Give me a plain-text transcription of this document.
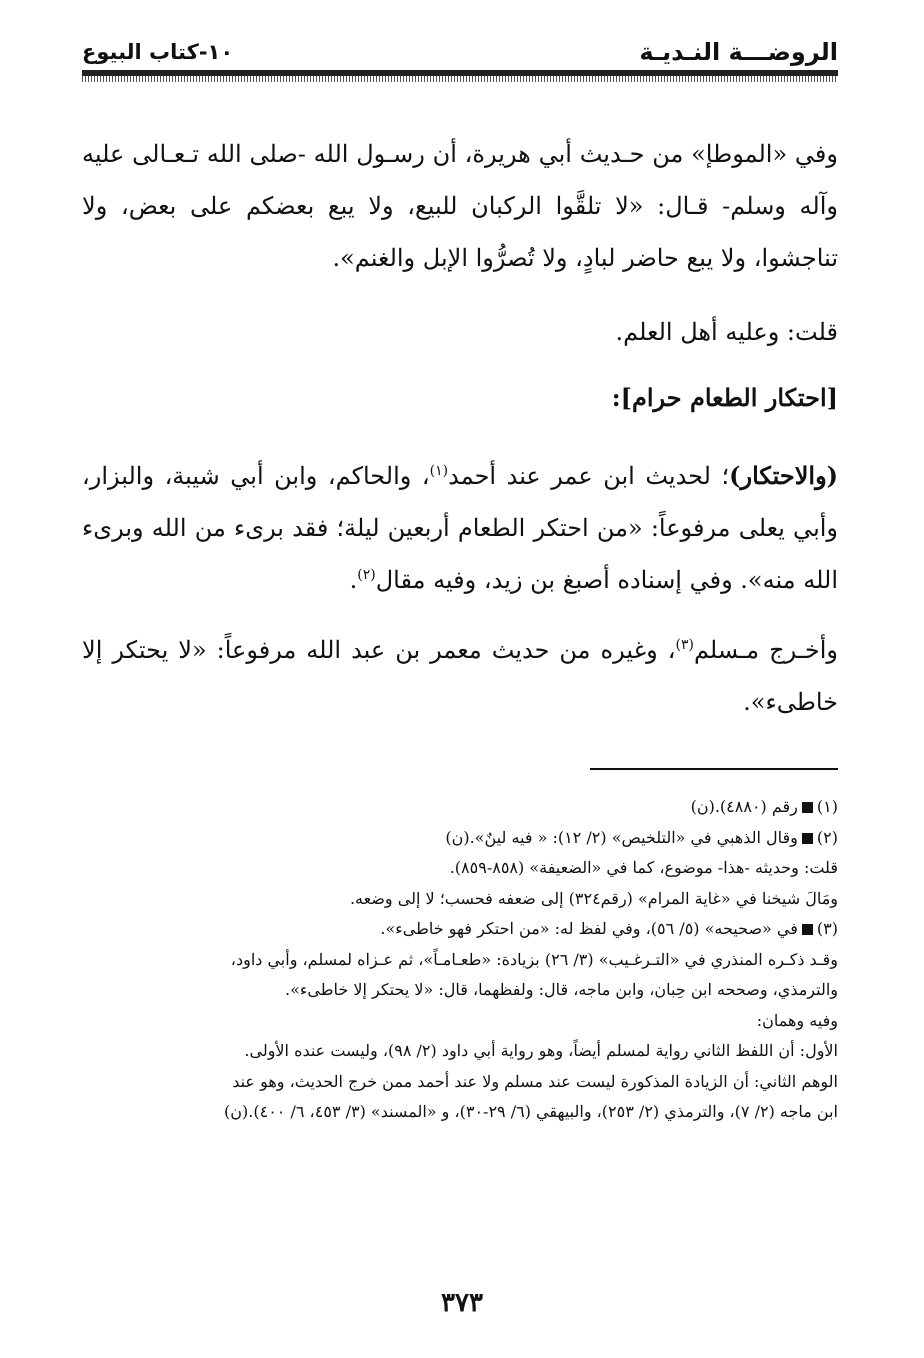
الروضـــة النـديـة
١٠-كتاب البيوع

وفي «الموطإ» من حـديث أبي هريرة، أن رسـول الله -صلى الله تـعـالى عليه وآله وسلم- قـال: «لا تلقَّوا الركبان للبيع، ولا يبع بعضكم على بعض، ولا تناجشوا، ولا يبع حاضر لبادٍ، ولا تُصرُّوا الإبل والغنم».

قلت: وعليه أهل العلم.

[احتكار الطعام حرام]:

(والاحتكار)؛ لحديث ابن عمر عند أحمد$^{(١)}$، والحاكم، وابن أبي شيبة، والبزار، وأبي يعلى مرفوعاً: «من احتكر الطعام أربعين ليلة؛ فقد برىء من الله وبرىء الله منه». وفي إسناده أصبغ بن زيد، وفيه مقال$^{(٢)}$.

وأخـرج مـسلم$^{(٣)}$، وغيره من حديث معمر بن عبد الله مرفوعاً: «لا يحتكر إلا خاطىء».

(١)رقم (٤٨٨٠).(ن)

(٢)وقال الذهبي في «التلخيص» (٢/ ١٢): « فيه لينٌ».(ن)

قلت: وحديثه -هذا- موضوع، كما في «الضعيفة» (٨٥٨-٨٥٩).

ومَالَ شيخنا في «غاية المرام» (رقم٣٢٤) إلى ضعفه فحسب؛ لا إلى وضعه.

(٣)في «صحيحه» (٥/ ٥٦)، وفي لفظ له: «من احتكر فهو خاطىء».

وقـد ذكـره المنذري في «التـرغـيب» (٣/ ٢٦) بزيادة: «طعـامـاً»، ثم عـزاه لمسلم، وأبي داود،

والترمذي، وصححه ابن حِبان، وابن ماجه، قال: ولفظهما، قال: «لا يحتكر إلا خاطىء».

وفيه وهمان:

الأول: أن اللفظ الثاني رواية لمسلم أيضاً، وهو رواية أبي داود (٢/ ٩٨)، وليست عنده الأولى.

الوهم الثاني: أن الزيادة المذكورة ليست عند مسلم ولا عند أحمد ممن خرج الحديث، وهو عند

ابن ماجه (٢/ ٧)، والترمذي (٢/ ٢٥٣)، والبيهقي (٦/ ٢٩-٣٠)، و «المسند» (٣/ ٤٥٣، ٦/ ٤٠٠).(ن)

٣٧٣
